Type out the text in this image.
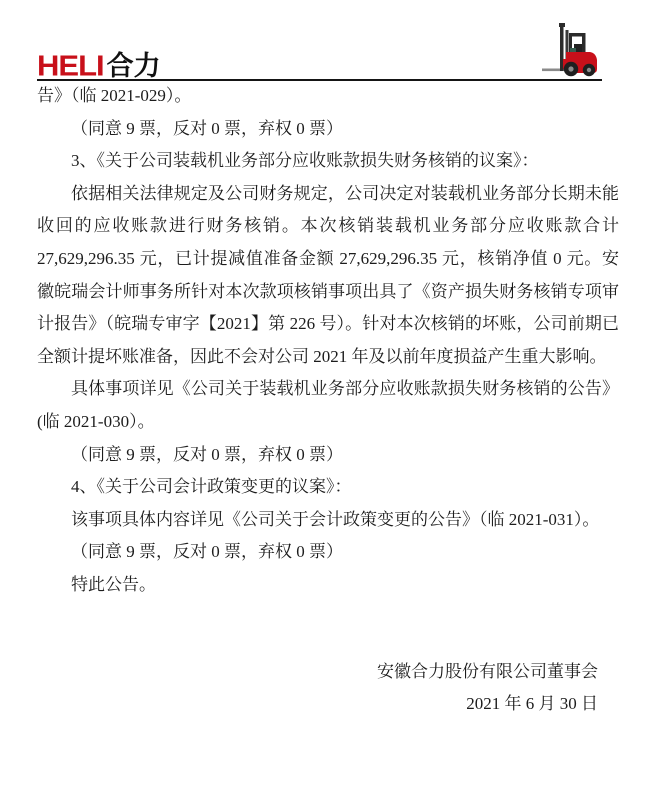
HELI 合力

告》（临 2021-029）。

（同意 9 票，反对 0 票，弃权 0 票）

3、《关于公司装载机业务部分应收账款损失财务核销的议案》：

依据相关法律规定及公司财务规定，公司决定对装载机业务部分长期未能收回的应收账款进行财务核销。本次核销装载机业务部分应收账款合计 27,629,296.35 元，已计提减值准备金额 27,629,296.35 元，核销净值 0 元。安徽皖瑞会计师事务所针对本次款项核销事项出具了《资产损失财务核销专项审计报告》（皖瑞专审字【2021】第 226 号）。针对本次核销的坏账，公司前期已全额计提坏账准备，因此不会对公司 2021 年及以前年度损益产生重大影响。

具体事项详见《公司关于装载机业务部分应收账款损失财务核销的公告》(临 2021-030）。

（同意 9 票，反对 0 票，弃权 0 票）

4、《关于公司会计政策变更的议案》：

该事项具体内容详见《公司关于会计政策变更的公告》（临 2021-031）。

（同意 9 票，反对 0 票，弃权 0 票）

特此公告。

安徽合力股份有限公司董事会

2021 年 6 月 30 日
